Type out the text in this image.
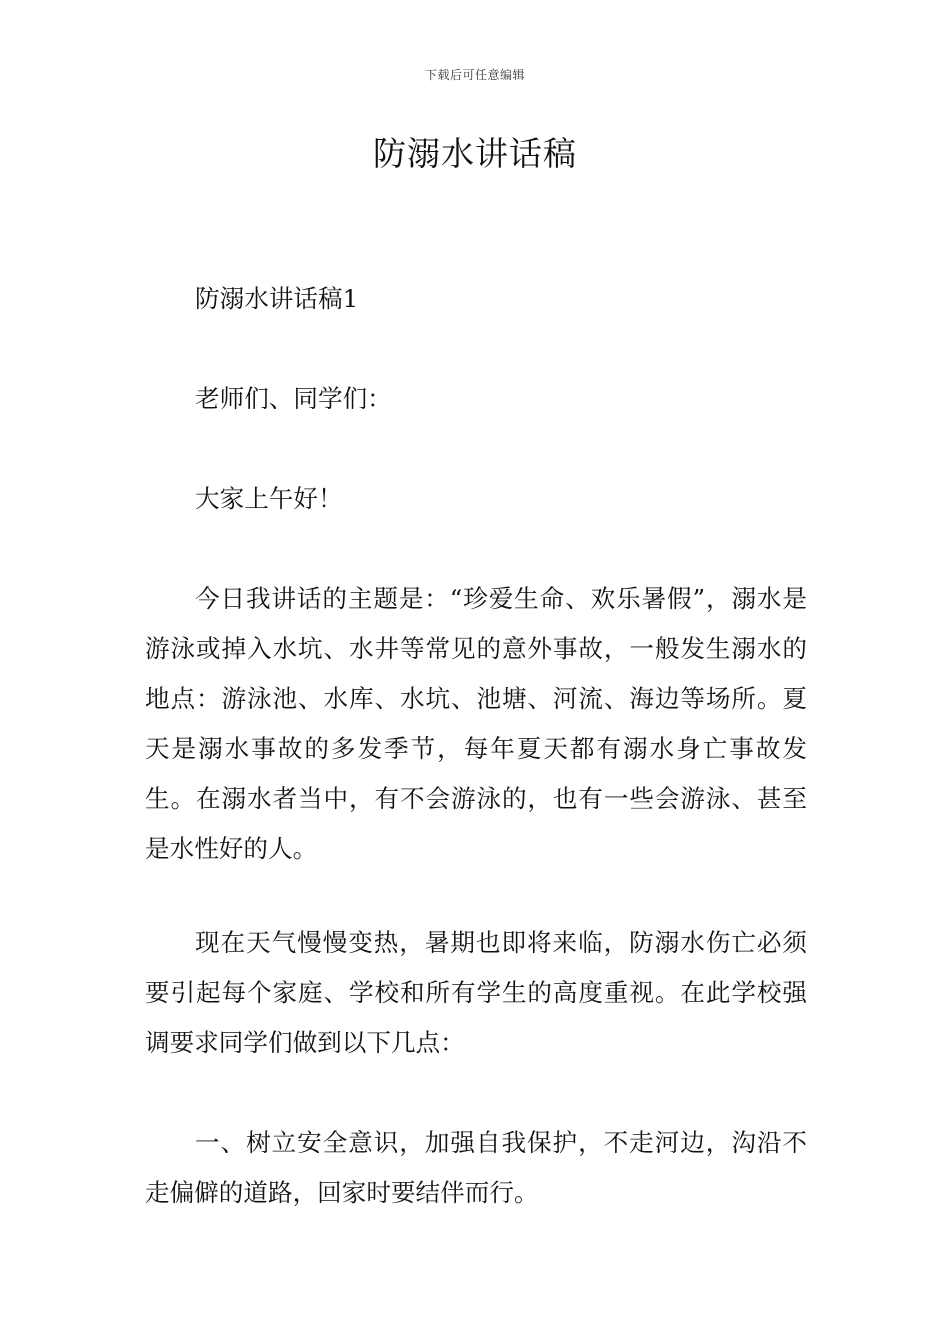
下载后可任意编辑
防溺水讲话稿

防溺水讲话稿1

老师们、同学们：

大家上午好！

今日我讲话的主题是：“珍爱生命、欢乐暑假”，溺水是游泳或掉入水坑、水井等常见的意外事故，一般发生溺水的地点：游泳池、水库、水坑、池塘、河流、海边等场所。夏天是溺水事故的多发季节，每年夏天都有溺水身亡事故发生。在溺水者当中，有不会游泳的，也有一些会游泳、甚至是水性好的人。

现在天气慢慢变热，暑期也即将来临，防溺水伤亡必须要引起每个家庭、学校和所有学生的高度重视。在此学校强调要求同学们做到以下几点：

一、树立安全意识，加强自我保护，不走河边，沟沿不走偏僻的道路，回家时要结伴而行。
